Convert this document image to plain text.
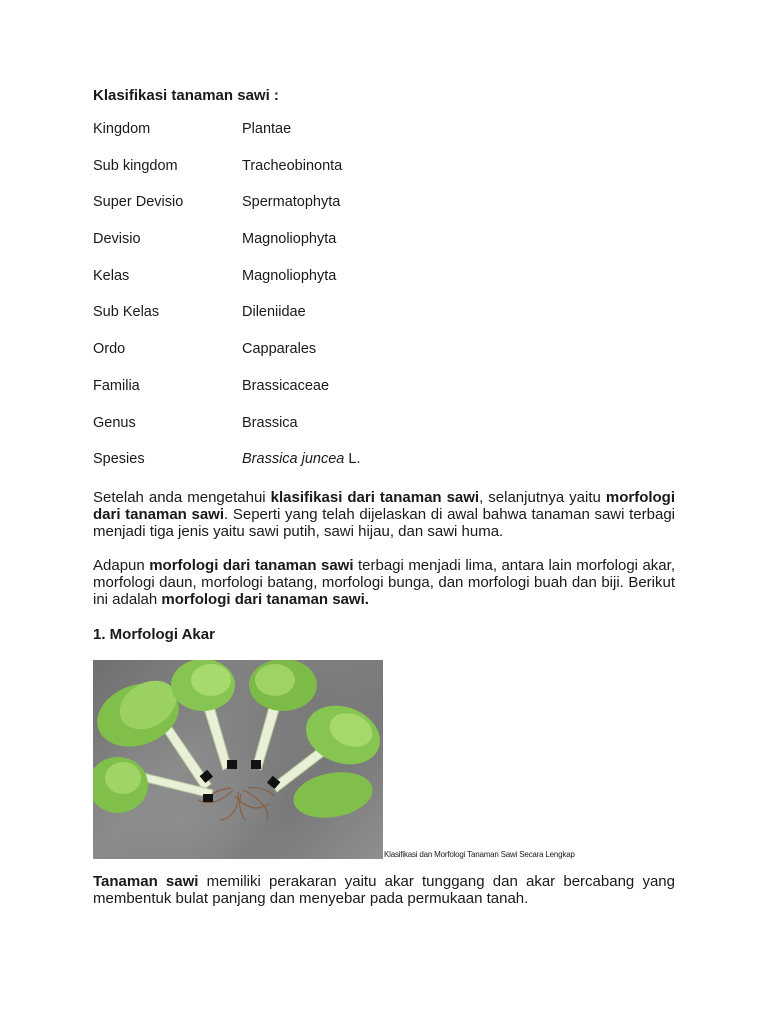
Klasifikasi tanaman sawi :
Kingdom	Plantae
Sub kingdom	Tracheobinonta
Super Devisio	Spermatophyta
Devisio	Magnoliophyta
Kelas	Magnoliophyta
Sub Kelas	Dileniidae
Ordo	Capparales
Familia	Brassicaceae
Genus	Brassica
Spesies	Brassica juncea L.

Setelah anda mengetahui klasifikasi dari tanaman sawi, selanjutnya yaitu morfologi dari tanaman sawi. Seperti yang telah dijelaskan di awal bahwa tanaman sawi terbagi menjadi tiga jenis yaitu sawi putih, sawi hijau, dan sawi huma.

Adapun morfologi dari tanaman sawi terbagi menjadi lima, antara lain morfologi akar, morfologi daun, morfologi batang, morfologi bunga, dan morfologi buah dan biji. Berikut ini adalah morfologi dari tanaman sawi.

1. Morfologi Akar
Klasifikasi dan Morfologi Tanaman Sawi Secara Lengkap

Tanaman sawi memiliki perakaran yaitu akar tunggang dan akar bercabang yang membentuk bulat panjang dan menyebar pada permukaan tanah.
